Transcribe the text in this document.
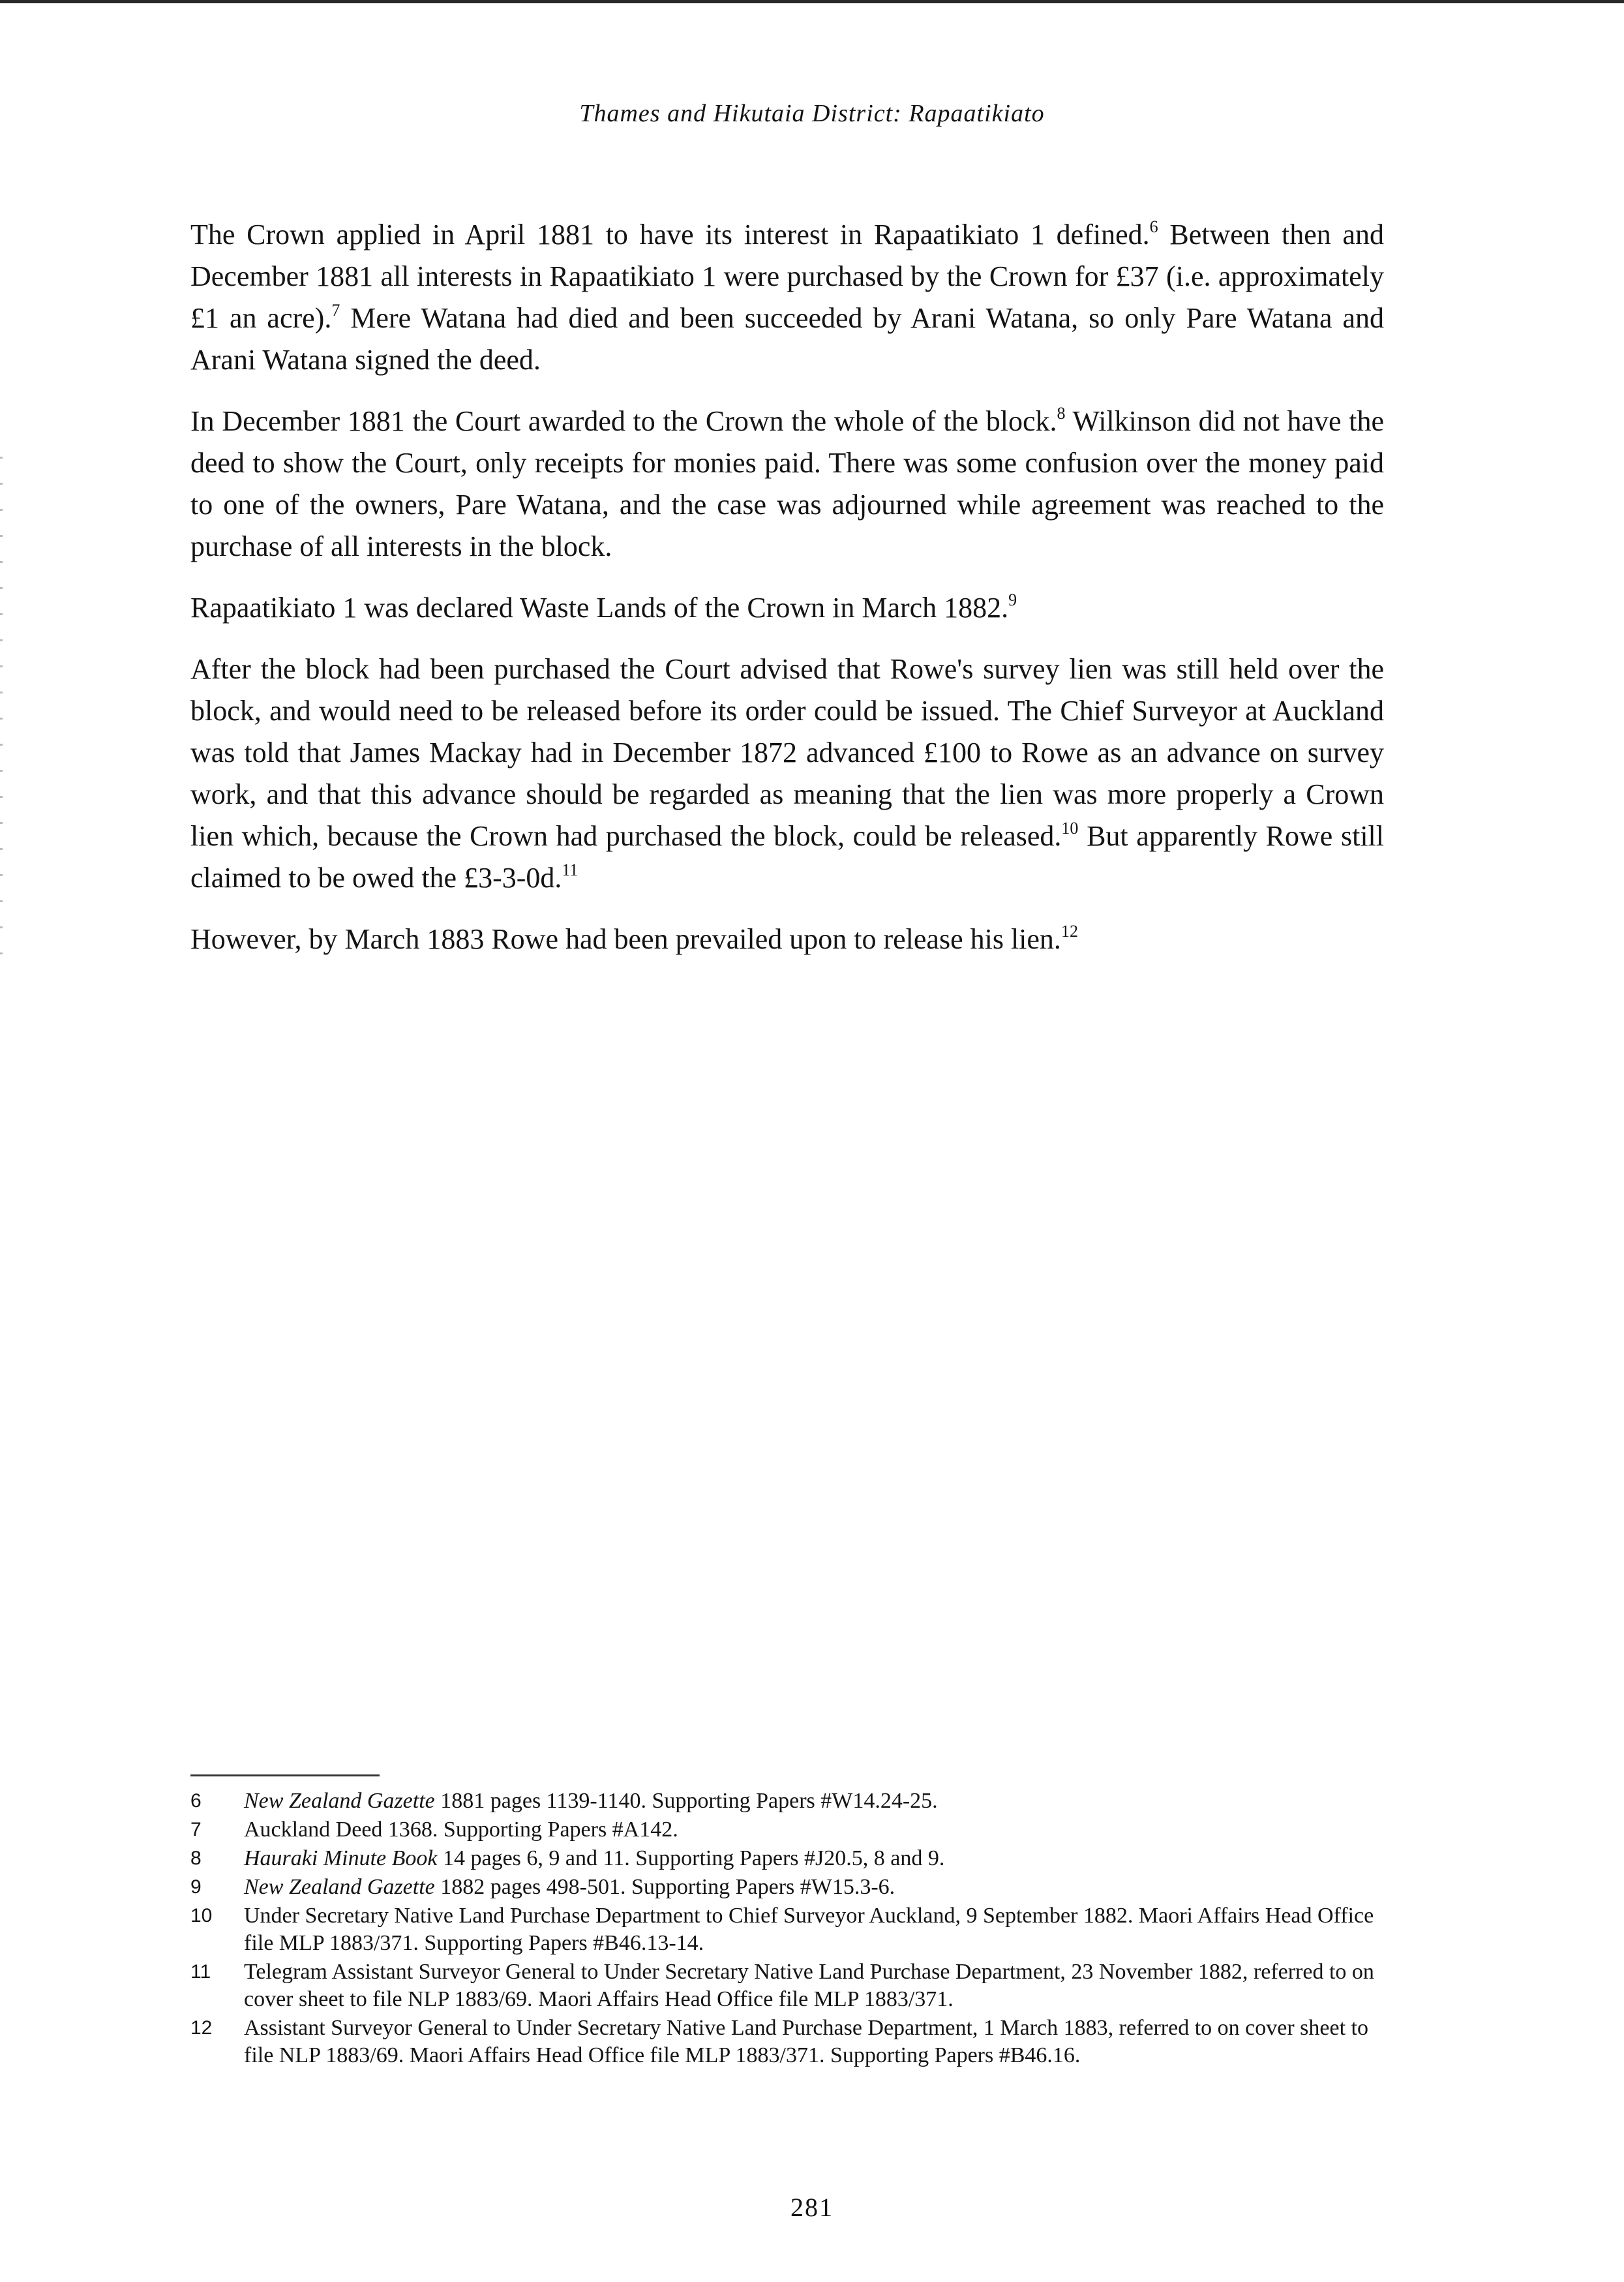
Thames and Hikutaia District: Rapaatikiato

The Crown applied in April 1881 to have its interest in Rapaatikiato 1 defined.$^6$ Between then and December 1881 all interests in Rapaatikiato 1 were purchased by the Crown for £37 (i.e. approximately £1 an acre).$^7$ Mere Watana had died and been succeeded by Arani Watana, so only Pare Watana and Arani Watana signed the deed.

In December 1881 the Court awarded to the Crown the whole of the block.$^8$ Wilkinson did not have the deed to show the Court, only receipts for monies paid. There was some confusion over the money paid to one of the owners, Pare Watana, and the case was adjourned while agreement was reached to the purchase of all interests in the block.

Rapaatikiato 1 was declared Waste Lands of the Crown in March 1882.$^9$

After the block had been purchased the Court advised that Rowe's survey lien was still held over the block, and would need to be released before its order could be issued. The Chief Surveyor at Auckland was told that James Mackay had in December 1872 advanced £100 to Rowe as an advance on survey work, and that this advance should be regarded as meaning that the lien was more properly a Crown lien which, because the Crown had purchased the block, could be released.$^{10}$ But apparently Rowe still claimed to be owed the £3-3-0d.$^{11}$

However, by March 1883 Rowe had been prevailed upon to release his lien.$^{12}$

6	New Zealand Gazette 1881 pages 1139-1140. Supporting Papers #W14.24-25.
7	Auckland Deed 1368. Supporting Papers #A142.
8	Hauraki Minute Book 14 pages 6, 9 and 11. Supporting Papers #J20.5, 8 and 9.
9	New Zealand Gazette 1882 pages 498-501. Supporting Papers #W15.3-6.
10	Under Secretary Native Land Purchase Department to Chief Surveyor Auckland, 9 September 1882. Maori Affairs Head Office file MLP 1883/371. Supporting Papers #B46.13-14.
11	Telegram Assistant Surveyor General to Under Secretary Native Land Purchase Department, 23 November 1882, referred to on cover sheet to file NLP 1883/69. Maori Affairs Head Office file MLP 1883/371.
12	Assistant Surveyor General to Under Secretary Native Land Purchase Department, 1 March 1883, referred to on cover sheet to file NLP 1883/69. Maori Affairs Head Office file MLP 1883/371. Supporting Papers #B46.16.
281
